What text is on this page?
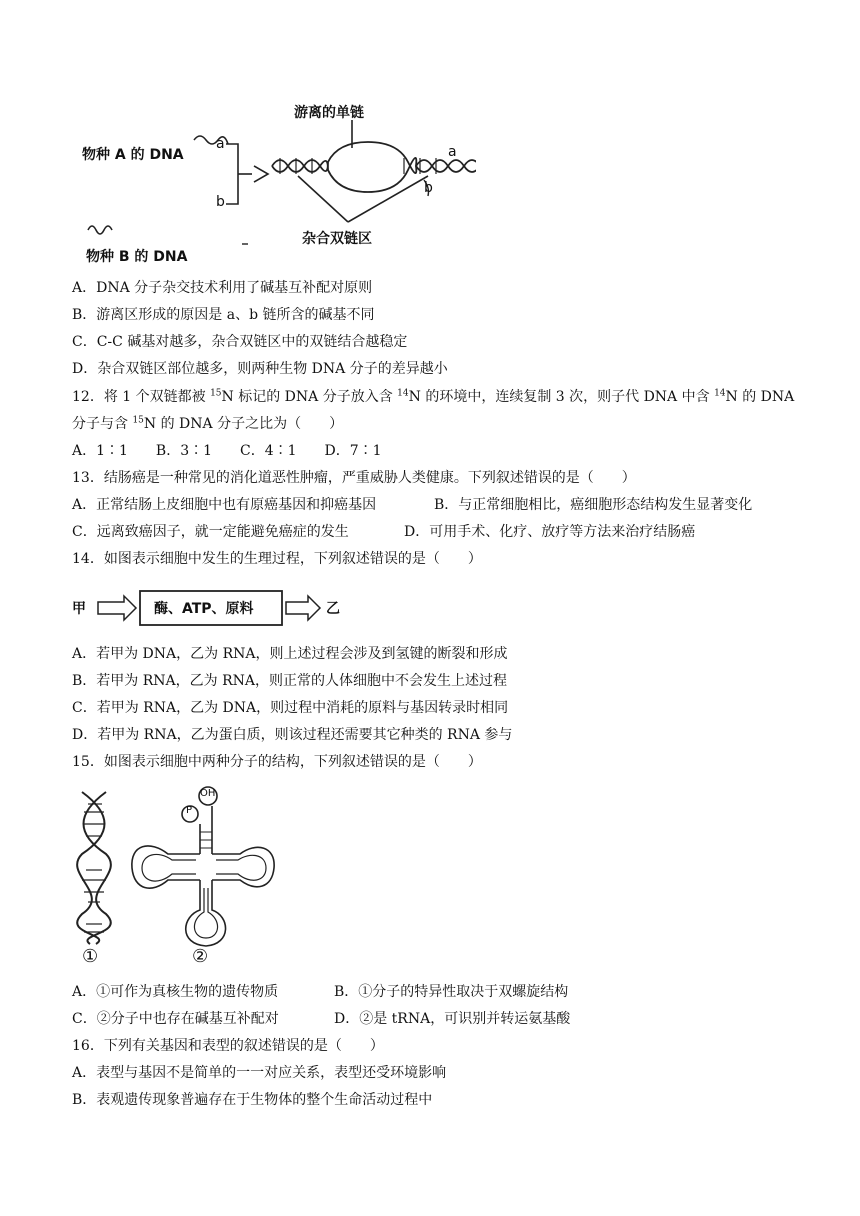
物种 A 的 DNA
a
b
物种 B 的 DNA
游离的单链
a
b
杂合双链区
A．DNA 分子杂交技术利用了碱基互补配对原则
B．游离区形成的原因是 a、b 链所含的碱基不同
C．C-C 碱基对越多，杂合双链区中的双链结合越稳定
D．杂合双链区部位越多，则两种生物 DNA 分子的差异越小
12．将 1 个双链都被 $^{15}$N 标记的 DNA 分子放入含 $^{14}$N 的环境中，连续复制 3 次，则子代 DNA 中含 $^{14}$N 的 DNA
分子与含 $^{15}$N 的 DNA 分子之比为（　　）
A．1∶1　　B．3∶1　　C．4∶1　　D．7∶1
13．结肠癌是一种常见的消化道恶性肿瘤，严重威胁人类健康。下列叙述错误的是（　　）
A．正常结肠上皮细胞中也有原癌基因和抑癌基因	B．与正常细胞相比，癌细胞形态结构发生显著变化
C．远离致癌因子，就一定能避免癌症的发生	D．可用手术、化疗、放疗等方法来治疗结肠癌
14．如图表示细胞中发生的生理过程，下列叙述错误的是（　　）
甲	酶、ATP、原料	乙
A．若甲为 DNA，乙为 RNA，则上述过程会涉及到氢键的断裂和形成
B．若甲为 RNA，乙为 RNA，则正常的人体细胞中不会发生上述过程
C．若甲为 RNA，乙为 DNA，则过程中消耗的原料与基因转录时相同
D．若甲为 RNA，乙为蛋白质，则该过程还需要其它种类的 RNA 参与
15．如图表示细胞中两种分子的结构，下列叙述错误的是（　　）
P
OH
①	②
A．①可作为真核生物的遗传物质	B．①分子的特异性取决于双螺旋结构
C．②分子中也存在碱基互补配对	D．②是 tRNA，可识别并转运氨基酸
16．下列有关基因和表型的叙述错误的是（　　）
A．表型与基因不是简单的一一对应关系，表型还受环境影响
B．表观遗传现象普遍存在于生物体的整个生命活动过程中
